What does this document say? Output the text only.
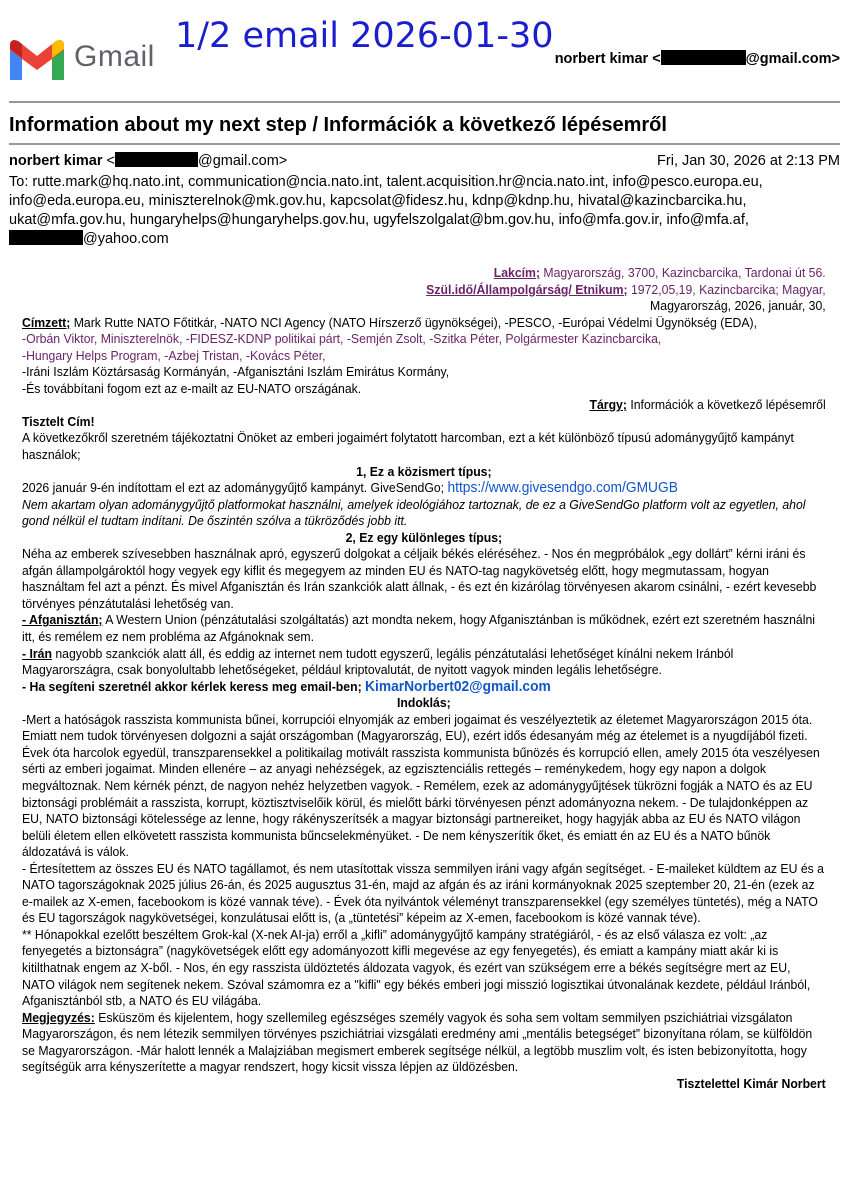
Gmail
1/2 email 2026-01-30
norbert kimar <	@gmail.com>
Information about my next step / Információk a következő lépésemről
norbert kimar <	@gmail.com>	Fri, Jan 30, 2026 at 2:13 PM
To: rutte.mark@hq.nato.int, communication@ncia.nato.int, talent.acquisition.hr@ncia.nato.int, info@pesco.europa.eu,
info@eda.europa.eu, miniszterelnok@mk.gov.hu, kapcsolat@fidesz.hu, kdnp@kdnp.hu, hivatal@kazincbarcika.hu,
ukat@mfa.gov.hu, hungaryhelps@hungaryhelps.gov.hu, ugyfelszolgalat@bm.gov.hu, info@mfa.gov.ir, info@mfa.af,
@yahoo.com

Lakcím; Magyarország, 3700, Kazincbarcika, Tardonai út 56.

Szül.idő/Állampolgárság/ Etnikum; 1972,05,19, Kazincbarcika; Magyar,

Magyarország, 2026, január, 30,

Címzett; Mark Rutte NATO Főtitkár, -NATO NCI Agency (NATO Hírszerző ügynökségei), -PESCO, -Európai Védelmi Ügynökség (EDA),

-Orbán Viktor, Miniszterelnök, -FIDESZ-KDNP politikai párt, -Semjén Zsolt, -Szitka Péter, Polgármester Kazincbarcika,

-Hungary Helps Program, -Azbej Tristan, -Kovács Péter,

-Iráni Iszlám Köztársaság Kormányán, -Afganisztáni Iszlám Emirátus Kormány,

-És továbbítani fogom ezt az e-mailt az EU-NATO országának.

Tárgy; Információk a következő lépésemről

Tisztelt Cím!

A következőkről szeretném tájékoztatni Önöket az emberi jogaimért folytatott harcomban, ezt a két különböző típusú adománygyűjtő kampányt használok;

1, Ez a közismert típus;

2026 január 9-én indítottam el ezt az adománygyűjtő kampányt. GiveSendGo; https://www.givesendgo.com/GMUGB

Nem akartam olyan adománygyűjtő platformokat használni, amelyek ideológiához tartoznak, de ez a GiveSendGo platform volt az egyetlen, ahol gond nélkül el tudtam indítani. De őszintén szólva a tükröződés jobb itt.

2, Ez egy különleges típus;

Néha az emberek szívesebben használnak apró, egyszerű dolgokat a céljaik békés eléréséhez. - Nos én megpróbálok „egy dollárt” kérni iráni és afgán állampolgároktól hogy vegyek egy kiflit és megegyem az minden EU és NATO-tag nagykövetség előtt, hogy megmutassam, hogyan használtam fel azt a pénzt. És mivel Afganisztán és Irán szankciók alatt állnak, - és ezt én kizárólag törvényesen akarom csinálni, - ezért kevesebb törvényes pénzátutalási lehetőség van.

- Afganisztán; A Western Union (pénzátutalási szolgáltatás) azt mondta nekem, hogy Afganisztánban is működnek, ezért ezt szeretném használni itt, és remélem ez nem probléma az Afgánoknak sem.

- Irán nagyobb szankciók alatt áll, és eddig az internet nem tudott egyszerű, legális pénzátutalási lehetőséget kínálni nekem Iránból Magyarországra, csak bonyolultabb lehetőségeket, például kriptovalutát, de nyitott vagyok minden legális lehetőségre.

- Ha segíteni szeretnél akkor kérlek keress meg email-ben; KimarNorbert02@gmail.com

Indoklás;

-Mert a hatóságok rasszista kommunista bűnei, korrupciói elnyomják az emberi jogaimat és veszélyeztetik az életemet Magyarországon 2015 óta. Emiatt nem tudok törvényesen dolgozni a saját országomban (Magyarország, EU), ezért idős édesanyám még az ételemet is a nyugdíjából fizeti. Évek óta harcolok egyedül, transzparensekkel a politikailag motivált rasszista kommunista bűnözés és korrupció ellen, amely 2015 óta veszélyesen sérti az emberi jogaimat. Minden ellenére – az anyagi nehézségek, az egzisztenciális rettegés – reménykedem, hogy egy napon a dolgok megváltoznak. Nem kérnék pénzt, de nagyon nehéz helyzetben vagyok. - Remélem, ezek az adománygyűjtések tükrözni fogják a NATO és az EU biztonsági problémáit a rasszista, korrupt, köztisztviselőik körül, és mielőtt bárki törvényesen pénzt adományozna nekem. - De tulajdonképpen az EU, NATO biztonsági kötelessége az lenne, hogy rákényszerítsék a magyar biztonsági partnereiket, hogy hagyják abba az EU és NATO világon belüli életem ellen elkövetett rasszista kommunista bűncselekményüket. - De nem kényszerítik őket, és emiatt én az EU és a NATO bűnök áldozatává is válok.

- Értesítettem az összes EU és NATO tagállamot, és nem utasítottak vissza semmilyen iráni vagy afgán segítséget. - E-maileket küldtem az EU és a NATO tagországoknak 2025 július 26-án, és 2025 augusztus 31-én, majd az afgán és az iráni kormányoknak 2025 szeptember 20, 21-én (ezek az e-mailek az X-emen, facebookom is közé vannak téve). - Évek óta nyilvántok véleményt transzparensekkel (egy személyes tüntetés), még a NATO és EU tagországok nagykövetségei, konzulátusai előtt is, (a „tüntetési” képeim az X-emen, facebookom is közé vannak téve).

** Hónapokkal ezelőtt beszéltem Grok-kal (X-nek AI-ja) erről a „kifli” adománygyűjtő kampány stratégiáról, - és az első válasza ez volt: „az fenyegetés a biztonságra” (nagykövetségek előtt egy adományozott kifli megevése az egy fenyegetés), és emiatt a kampány miatt akár ki is kitilthatnak engem az X-ből. - Nos, én egy rasszista üldöztetés áldozata vagyok, és ezért van szükségem erre a békés segítségre mert az EU, NATO világok nem segítenek nekem. Szóval számomra ez a "kifli" egy békés emberi jogi misszió logisztikai útvonalának kezdete, például Iránból, Afganisztánból stb, a NATO és EU világába.

Megjegyzés: Esküszöm és kijelentem, hogy szellemileg egészséges személy vagyok és soha sem voltam semmilyen pszichiátriai vizsgálaton Magyarországon, és nem létezik semmilyen törvényes pszichiátriai vizsgálati eredmény ami „mentális betegséget” bizonyítana rólam, se külföldön se Magyarországon. -Már halott lennék a Malajziában megismert emberek segítsége nélkül, a legtöbb muszlim volt, és isten bebizonyította, hogy segítségük arra kényszerítette a magyar rendszert, hogy kicsit vissza lépjen az üldözésben.

Tisztelettel Kimár Norbert
